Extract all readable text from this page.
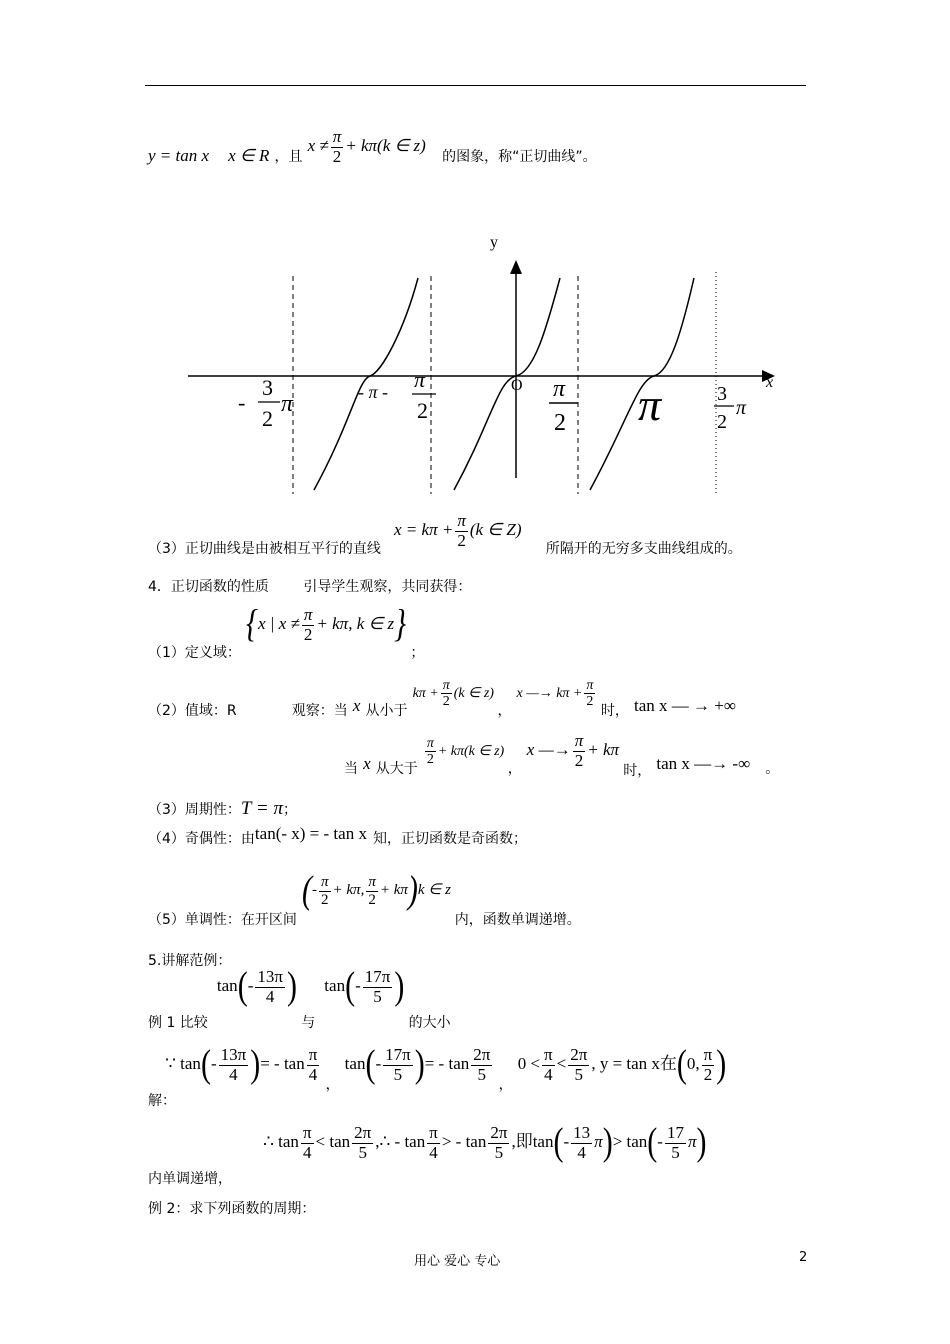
y = tan x x ∈ R ，且 $x \ne \frac{\pi}{2} + k\pi(k$ ∈ z) 的图象，称“正切曲线”。
y
x
O
-
3
2
π	- π - π
2
π
2 π	3
2
π
（3）正切曲线是由被相互平行的直线 $x = k\pi + \frac{\pi}{2} (k$ ∈ Z) 所隔开的无穷多支曲线组成的。
4．正切函数的性质 引导学生观察，共同获得：
（1）定义域： {x | $x \ne \frac{\pi}{2} + k\pi$, k ∈ z} ；
（2）值域：R	观察：当 x 从小于 $k\pi + \frac{\pi}{2} (k$ ∈ z) ， x —→ $k\pi + \frac{\pi}{2}$
时， tan x — → +∞
当 x 从大于
$\frac{\pi}{2} + k\pi(k$ ∈ z) ， x —→ $\frac{\pi}{2} + k\pi$ 时， tan x —→ -∞ 。
（3）周期性：T = π；
（4）奇偶性：由tan(- x) = - tan x 知，正切函数是奇函数；
（5）单调性：在开区间 (- $\frac{\pi}{2} + k\pi$, $\frac{\pi}{2} + k\pi)k$ ∈ z 内，函数单调递增。
5.讲解范例：
例 1 比较 $\tan(- \frac{13\pi}{4}$ ) 与 $\tan(- \frac{17\pi}{5}$ ) 的大小
解： ∵ $\tan(- \frac{13\pi}{4}$ )= - $\tan \frac{\pi}{4}$
， $\tan(- \frac{17\pi}{5}$ )= - $\tan \frac{2\pi}{5}$
， $0 < \frac{\pi}{4} < \frac{2\pi}{5}$ , y = tan x在(0, $\frac{\pi}{2}$ )
内单调递增， ∴ $\tan \frac{\pi}{4} < \tan \frac{2\pi}{5}$ ,∴ - $\tan \frac{\pi}{4}$ > - $\tan \frac{2\pi}{5}$ ,即$\tan(- \frac{13}{4} \pi)> \tan(- \frac{17}{5} \pi)$
例 2：求下列函数的周期：
用心 爱心 专心	2
